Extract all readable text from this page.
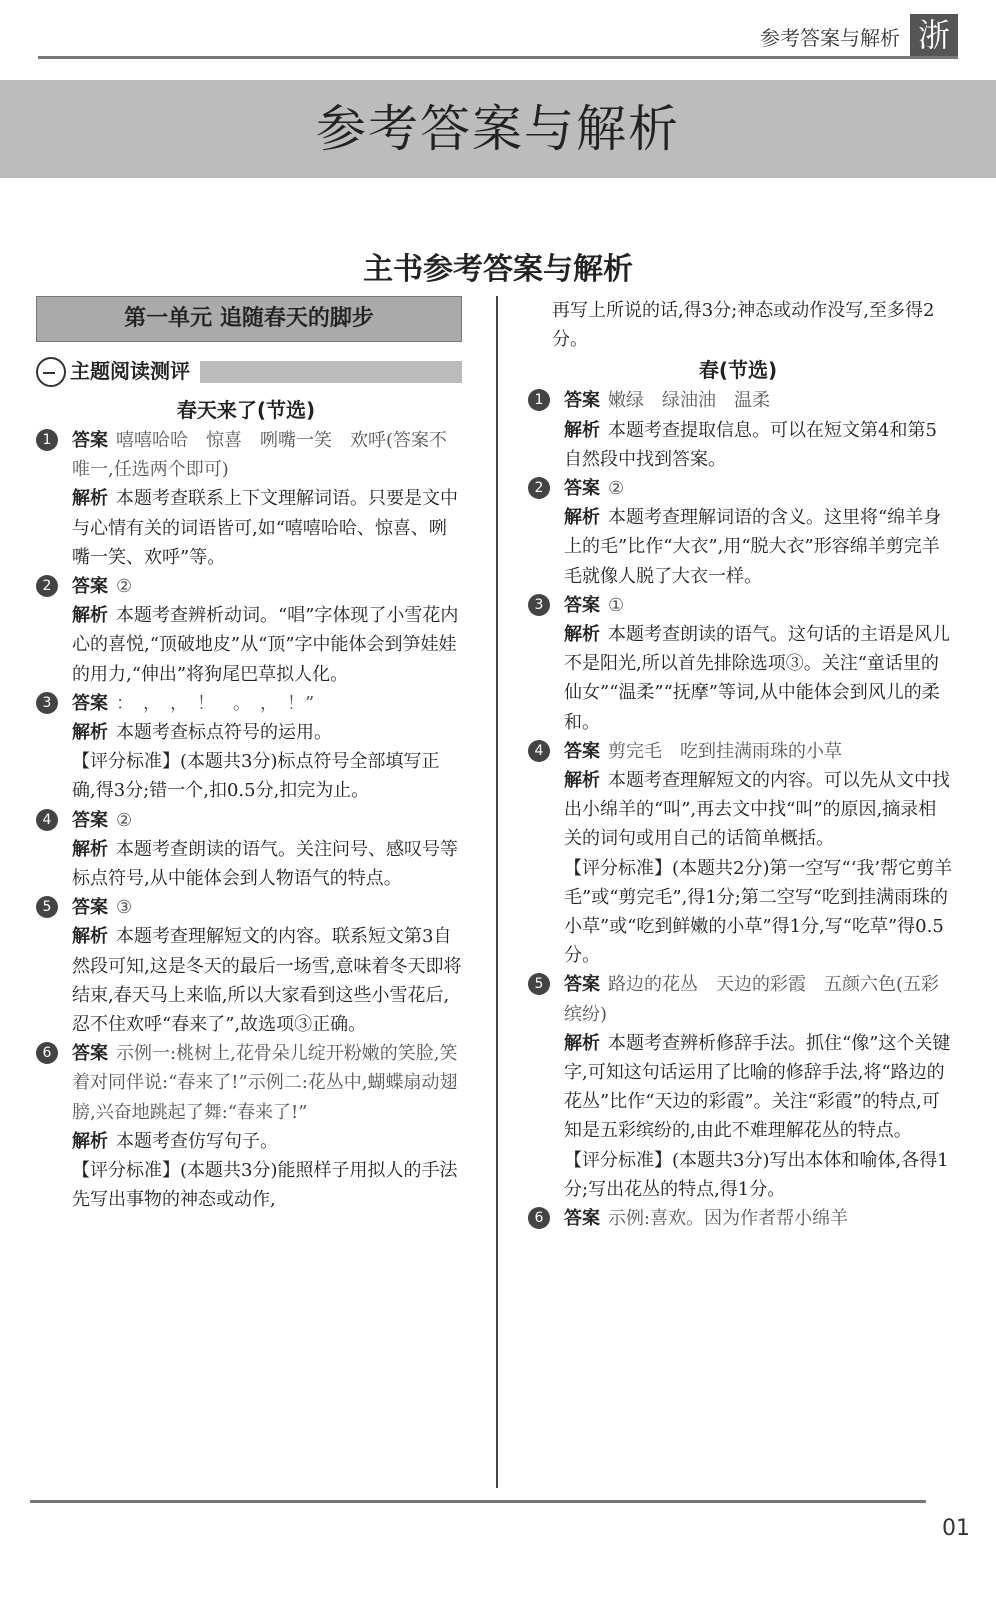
参考答案与解析 浙
参考答案与解析
主书参考答案与解析
第一单元 追随春天的脚步
主题阅读测评
春天来了(节选)
1	答案 嘻嘻哈哈　惊喜　咧嘴一笑　欢呼(答案不唯一,任选两个即可)

解析 本题考查联系上下文理解词语。只要是文中与心情有关的词语皆可,如“嘻嘻哈哈、惊喜、咧嘴一笑、欢呼”等。

2	答案 ②

解析 本题考查辨析动词。“唱”字体现了小雪花内心的喜悦,“顶破地皮”从“顶”字中能体会到笋娃娃的用力,“伸出”将狗尾巴草拟人化。

3	答案 ：　，　，　！　。　，　！”

解析 本题考查标点符号的运用。

【评分标准】(本题共3分)标点符号全部填写正确,得3分;错一个,扣0.5分,扣完为止。

4	答案 ②

解析 本题考查朗读的语气。关注问号、感叹号等标点符号,从中能体会到人物语气的特点。

5	答案 ③

解析 本题考查理解短文的内容。联系短文第3自然段可知,这是冬天的最后一场雪,意味着冬天即将结束,春天马上来临,所以大家看到这些小雪花后,忍不住欢呼“春来了”,故选项③正确。

6	答案 示例一:桃树上,花骨朵儿绽开粉嫩的笑脸,笑着对同伴说:“春来了!”示例二:花丛中,蝴蝶扇动翅膀,兴奋地跳起了舞:“春来了!”

解析 本题考查仿写句子。

【评分标准】(本题共3分)能照样子用拟人的手法先写出事物的神态或动作,

再写上所说的话,得3分;神态或动作没写,至多得2分。

春(节选)
1	答案 嫩绿　绿油油　温柔

解析 本题考查提取信息。可以在短文第4和第5自然段中找到答案。

2	答案 ②

解析 本题考查理解词语的含义。这里将“绵羊身上的毛”比作“大衣”,用“脱大衣”形容绵羊剪完羊毛就像人脱了大衣一样。

3	答案 ①

解析 本题考查朗读的语气。这句话的主语是风儿不是阳光,所以首先排除选项③。关注“童话里的仙女”“温柔”“抚摩”等词,从中能体会到风儿的柔和。

4	答案 剪完毛　吃到挂满雨珠的小草

解析 本题考查理解短文的内容。可以先从文中找出小绵羊的“叫”,再去文中找“叫”的原因,摘录相关的词句或用自己的话简单概括。

【评分标准】(本题共2分)第一空写“‘我’帮它剪羊毛”或“剪完毛”,得1分;第二空写“吃到挂满雨珠的小草”或“吃到鲜嫩的小草”得1分,写“吃草”得0.5分。

5	答案 路边的花丛　天边的彩霞　五颜六色(五彩缤纷)

解析 本题考查辨析修辞手法。抓住“像”这个关键字,可知这句话运用了比喻的修辞手法,将“路边的花丛”比作“天边的彩霞”。关注“彩霞”的特点,可知是五彩缤纷的,由此不难理解花丛的特点。

【评分标准】(本题共3分)写出本体和喻体,各得1分;写出花丛的特点,得1分。

6	答案 示例:喜欢。因为作者帮小绵羊

01
